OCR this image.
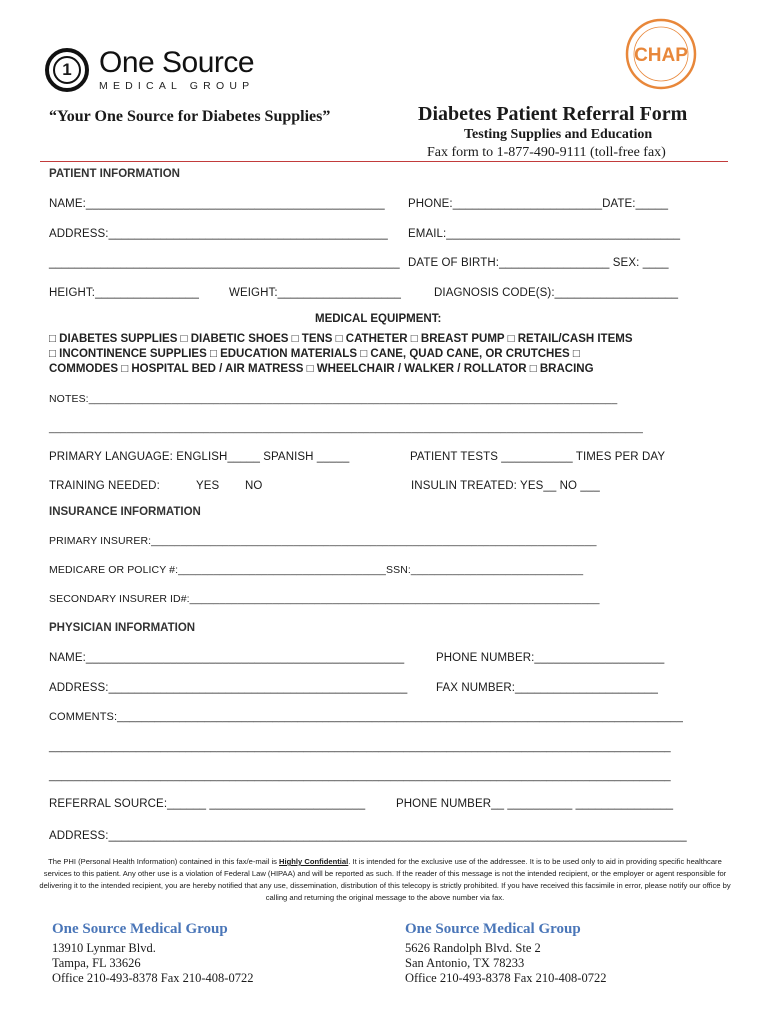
1 One Source
MEDICAL GROUP
CHAP
“Your One Source for Diabetes Supplies”	Diabetes Patient Referral Form
Testing Supplies and Education
Fax form to 1-877-490-9111 (toll-free fax)
PATIENT INFORMATION
NAME:______________________________________________ PHONE:_______________________DATE:_____
ADDRESS:___________________________________________ EMAIL:____________________________________
______________________________________________________ DATE OF BIRTH:_________________ SEX: ____
HEIGHT:________________	WEIGHT:___________________	DIAGNOSIS CODE(S):___________________
MEDICAL EQUIPMENT:
□ DIABETES SUPPLIES □ DIABETIC SHOES □ TENS □ CATHETER □ BREAST PUMP □ RETAIL/CASH ITEMS
□ INCONTINENCE SUPPLIES □ EDUCATION MATERIALS □ CANE, QUAD CANE, OR CRUTCHES □
COMMODES □ HOSPITAL BED / AIR MATRESS □ WHEELCHAIR / WALKER / ROLLATOR □ BRACING
NOTES:_________________________________________________________________________________________
____________________________________________________________________________________________________
PRIMARY LANGUAGE: ENGLISH_____ SPANISH _____	PATIENT TESTS ___________ TIMES PER DAY
TRAINING NEEDED:	YES NO	INSULIN TREATED: YES__ NO ___
INSURANCE INFORMATION
PRIMARY INSURER:___________________________________________________________________________
MEDICARE OR POLICY #:___________________________________SSN:_____________________________
SECONDARY INSURER ID#:_____________________________________________________________________
PHYSICIAN INFORMATION
NAME:_________________________________________________	PHONE NUMBER:____________________
ADDRESS:______________________________________________ FAX NUMBER:______________________
COMMENTS:___________________________________________________________________________________________
____________________________________________________________________________________________________
____________________________________________________________________________________________________
REFERRAL SOURCE:______ ________________________	PHONE NUMBER__ __________ _______________
ADDRESS:_________________________________________________________________________________________
The PHI (Personal Health Information) contained in this fax/e-mail is Highly Confidential. It is intended for the exclusive use of the addressee. It is to be used only to aid in providing specific healthcare services to this patient. Any other use is a violation of Federal Law (HIPAA) and will be reported as such. If the reader of this message is not the intended recipient, or the employer or agent responsible for delivering it to the intended recipient, you are hereby notified that any use, dissemination, distribution of this telecopy is strictly prohibited. If you have received this facsimile in error, please notify our office by calling and returning the original message to the above number via fax.
One Source Medical Group
13910 Lynmar Blvd.
Tampa, FL 33626
Office 210-493-8378 Fax 210-408-0722
One Source Medical Group
5626 Randolph Blvd. Ste 2
San Antonio, TX 78233
Office 210-493-8378 Fax 210-408-0722
